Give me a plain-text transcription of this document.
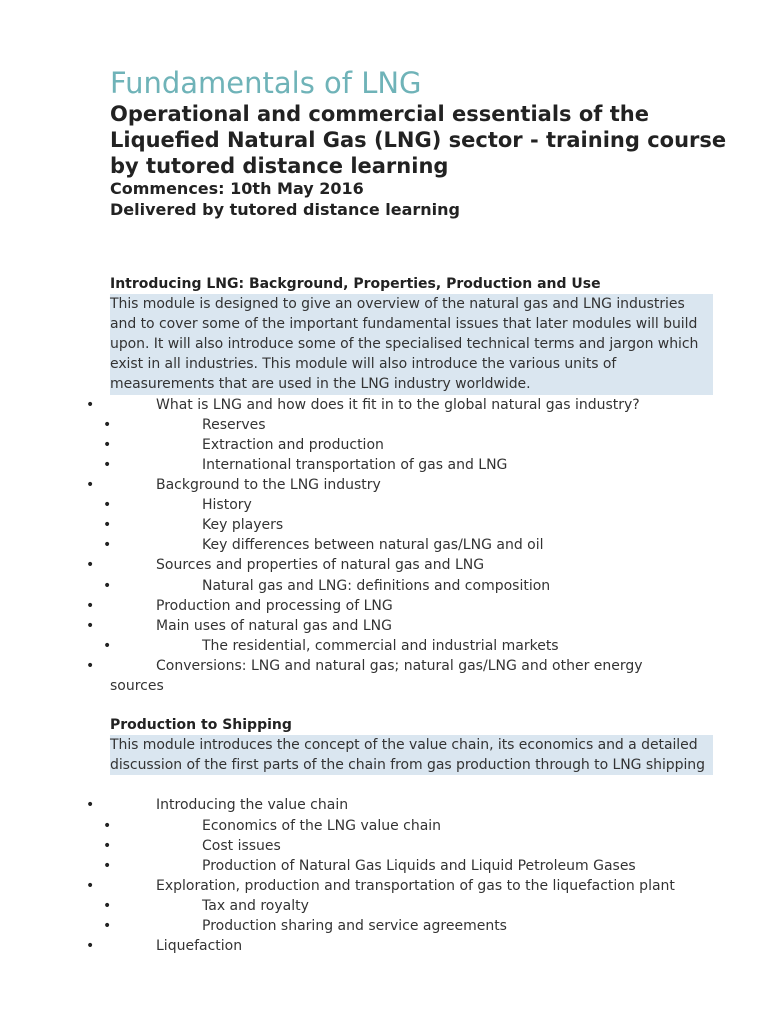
Fundamentals of LNG
Operational and commercial essentials of the Liquefied Natural Gas (LNG) sector - training course by tutored distance learning
Commences: 10th May 2016
Delivered by tutored distance learning
Introducing LNG: Background, Properties, Production and Use
This module is designed to give an overview of the natural gas and LNG industries and to cover some of the important fundamental issues that later modules will build upon. It will also introduce some of the specialised technical terms and jargon which exist in all industries. This module will also introduce the various units of measurements that are used in the LNG industry worldwide.
•	What is LNG and how does it fit in to the global natural gas industry?
•	Reserves
•	Extraction and production
•	International transportation of gas and LNG
•	Background to the LNG industry
•	History
•	Key players
•	Key differences between natural gas/LNG and oil
•	Sources and properties of natural gas and LNG
•	Natural gas and LNG: definitions and composition
•	Production and processing of LNG
•	Main uses of natural gas and LNG
•	The residential, commercial and industrial markets
•	Conversions: LNG and natural gas; natural gas/LNG and other energy
sources
Production to Shipping
This module introduces the concept of the value chain, its economics and a detailed discussion of the first parts of the chain from gas production through to LNG shipping
•	Introducing the value chain
•	Economics of the LNG value chain
•	Cost issues
•	Production of Natural Gas Liquids and Liquid Petroleum Gases
•	Exploration, production and transportation of gas to the liquefaction plant
•	Tax and royalty
•	Production sharing and service agreements
•	Liquefaction
